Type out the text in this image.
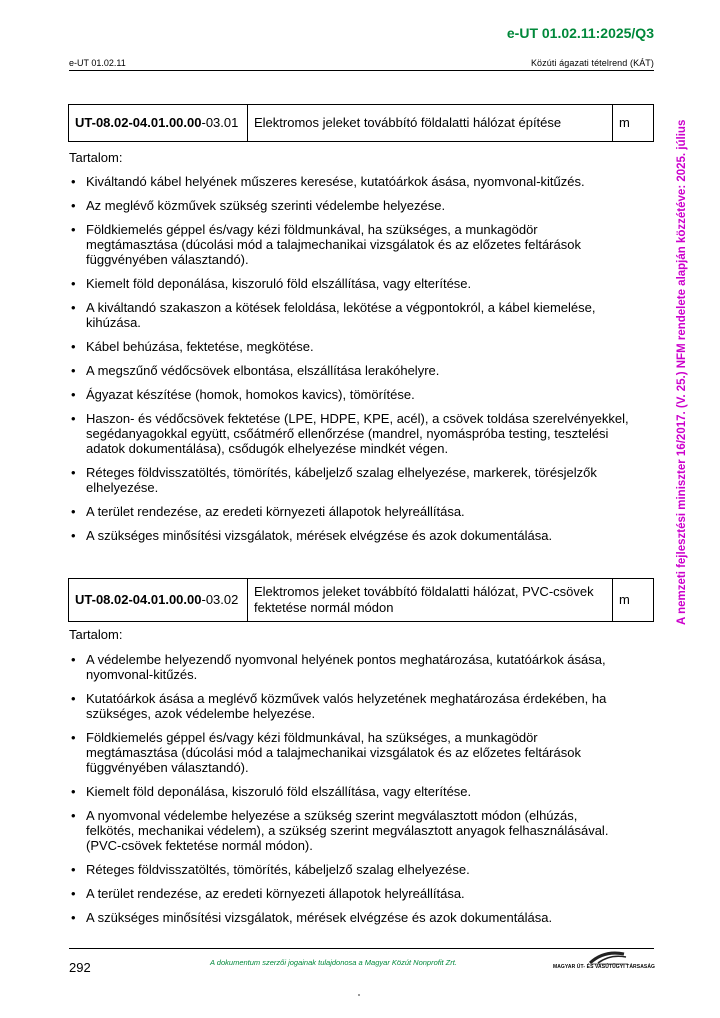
e-UT 01.02.11:2025/Q3
e-UT 01.02.11	Közúti ágazati tételrend (KÁT)
A nemzeti fejlesztési miniszter 16/2017. (V. 25.) NFM rendelete alapján közzétéve: 2025. július
UT-08.02-04.01.00.00-03.01	Elektromos jeleket továbbító földalatti hálózat építése	m
Tartalom:
• Kiváltandó kábel helyének műszeres keresése, kutatóárkok ásása, nyomvonal-kitűzés.
• Az meglévő közművek szükség szerinti védelembe helyezése.
• Földkiemelés géppel és/vagy kézi földmunkával, ha szükséges, a munkagödör megtámasztása (dúcolási mód a talajmechanikai vizsgálatok és az előzetes feltárások függvényében választandó).
• Kiemelt föld deponálása, kiszoruló föld elszállítása, vagy elterítése.
• A kiváltandó szakaszon a kötések feloldása, lekötése a végpontokról, a kábel kiemelése, kihúzása.
• Kábel behúzása, fektetése, megkötése.
• A megszűnő védőcsövek elbontása, elszállítása lerakóhelyre.
• Ágyazat készítése (homok, homokos kavics), tömörítése.
• Haszon- és védőcsövek fektetése (LPE, HDPE, KPE, acél), a csövek toldása szerelvényekkel, segédanyagokkal együtt, csőátmérő ellenőrzése (mandrel, nyomáspróba testing, tesztelési adatok dokumentálása), csődugók elhelyezése mindkét végen.
• Réteges földvisszatöltés, tömörítés, kábeljelző szalag elhelyezése, markerek, törésjelzők elhelyezése.
• A terület rendezése, az eredeti környezeti állapotok helyreállítása.
• A szükséges minősítési vizsgálatok, mérések elvégzése és azok dokumentálása.
UT-08.02-04.01.00.00-03.02	Elektromos jeleket továbbító földalatti hálózat, PVC-csövek fektetése normál módon	m
Tartalom:
• A védelembe helyezendő nyomvonal helyének pontos meghatározása, kutatóárkok ásása, nyomvonal-kitűzés.
• Kutatóárkok ásása a meglévő közművek valós helyzetének meghatározása érdekében, ha szükséges, azok védelembe helyezése.
• Földkiemelés géppel és/vagy kézi földmunkával, ha szükséges, a munkagödör megtámasztása (dúcolási mód a talajmechanikai vizsgálatok és az előzetes feltárások függvényében választandó).
• Kiemelt föld deponálása, kiszoruló föld elszállítása, vagy elterítése.
• A nyomvonal védelembe helyezése a szükség szerint megválasztott módon (elhúzás, felkötés, mechanikai védelem), a szükség szerint megválasztott anyagok felhasználásával. (PVC-csövek fektetése normál módon).
• Réteges földvisszatöltés, tömörítés, kábeljelző szalag elhelyezése.
• A terület rendezése, az eredeti környezeti állapotok helyreállítása.
• A szükséges minősítési vizsgálatok, mérések elvégzése és azok dokumentálása.
292	A dokumentum szerzői jogainak tulajdonosa a Magyar Közút Nonprofit Zrt.	MAGYAR ÚT- ÉS VASÚTÜGYI TÁRSASÁG
